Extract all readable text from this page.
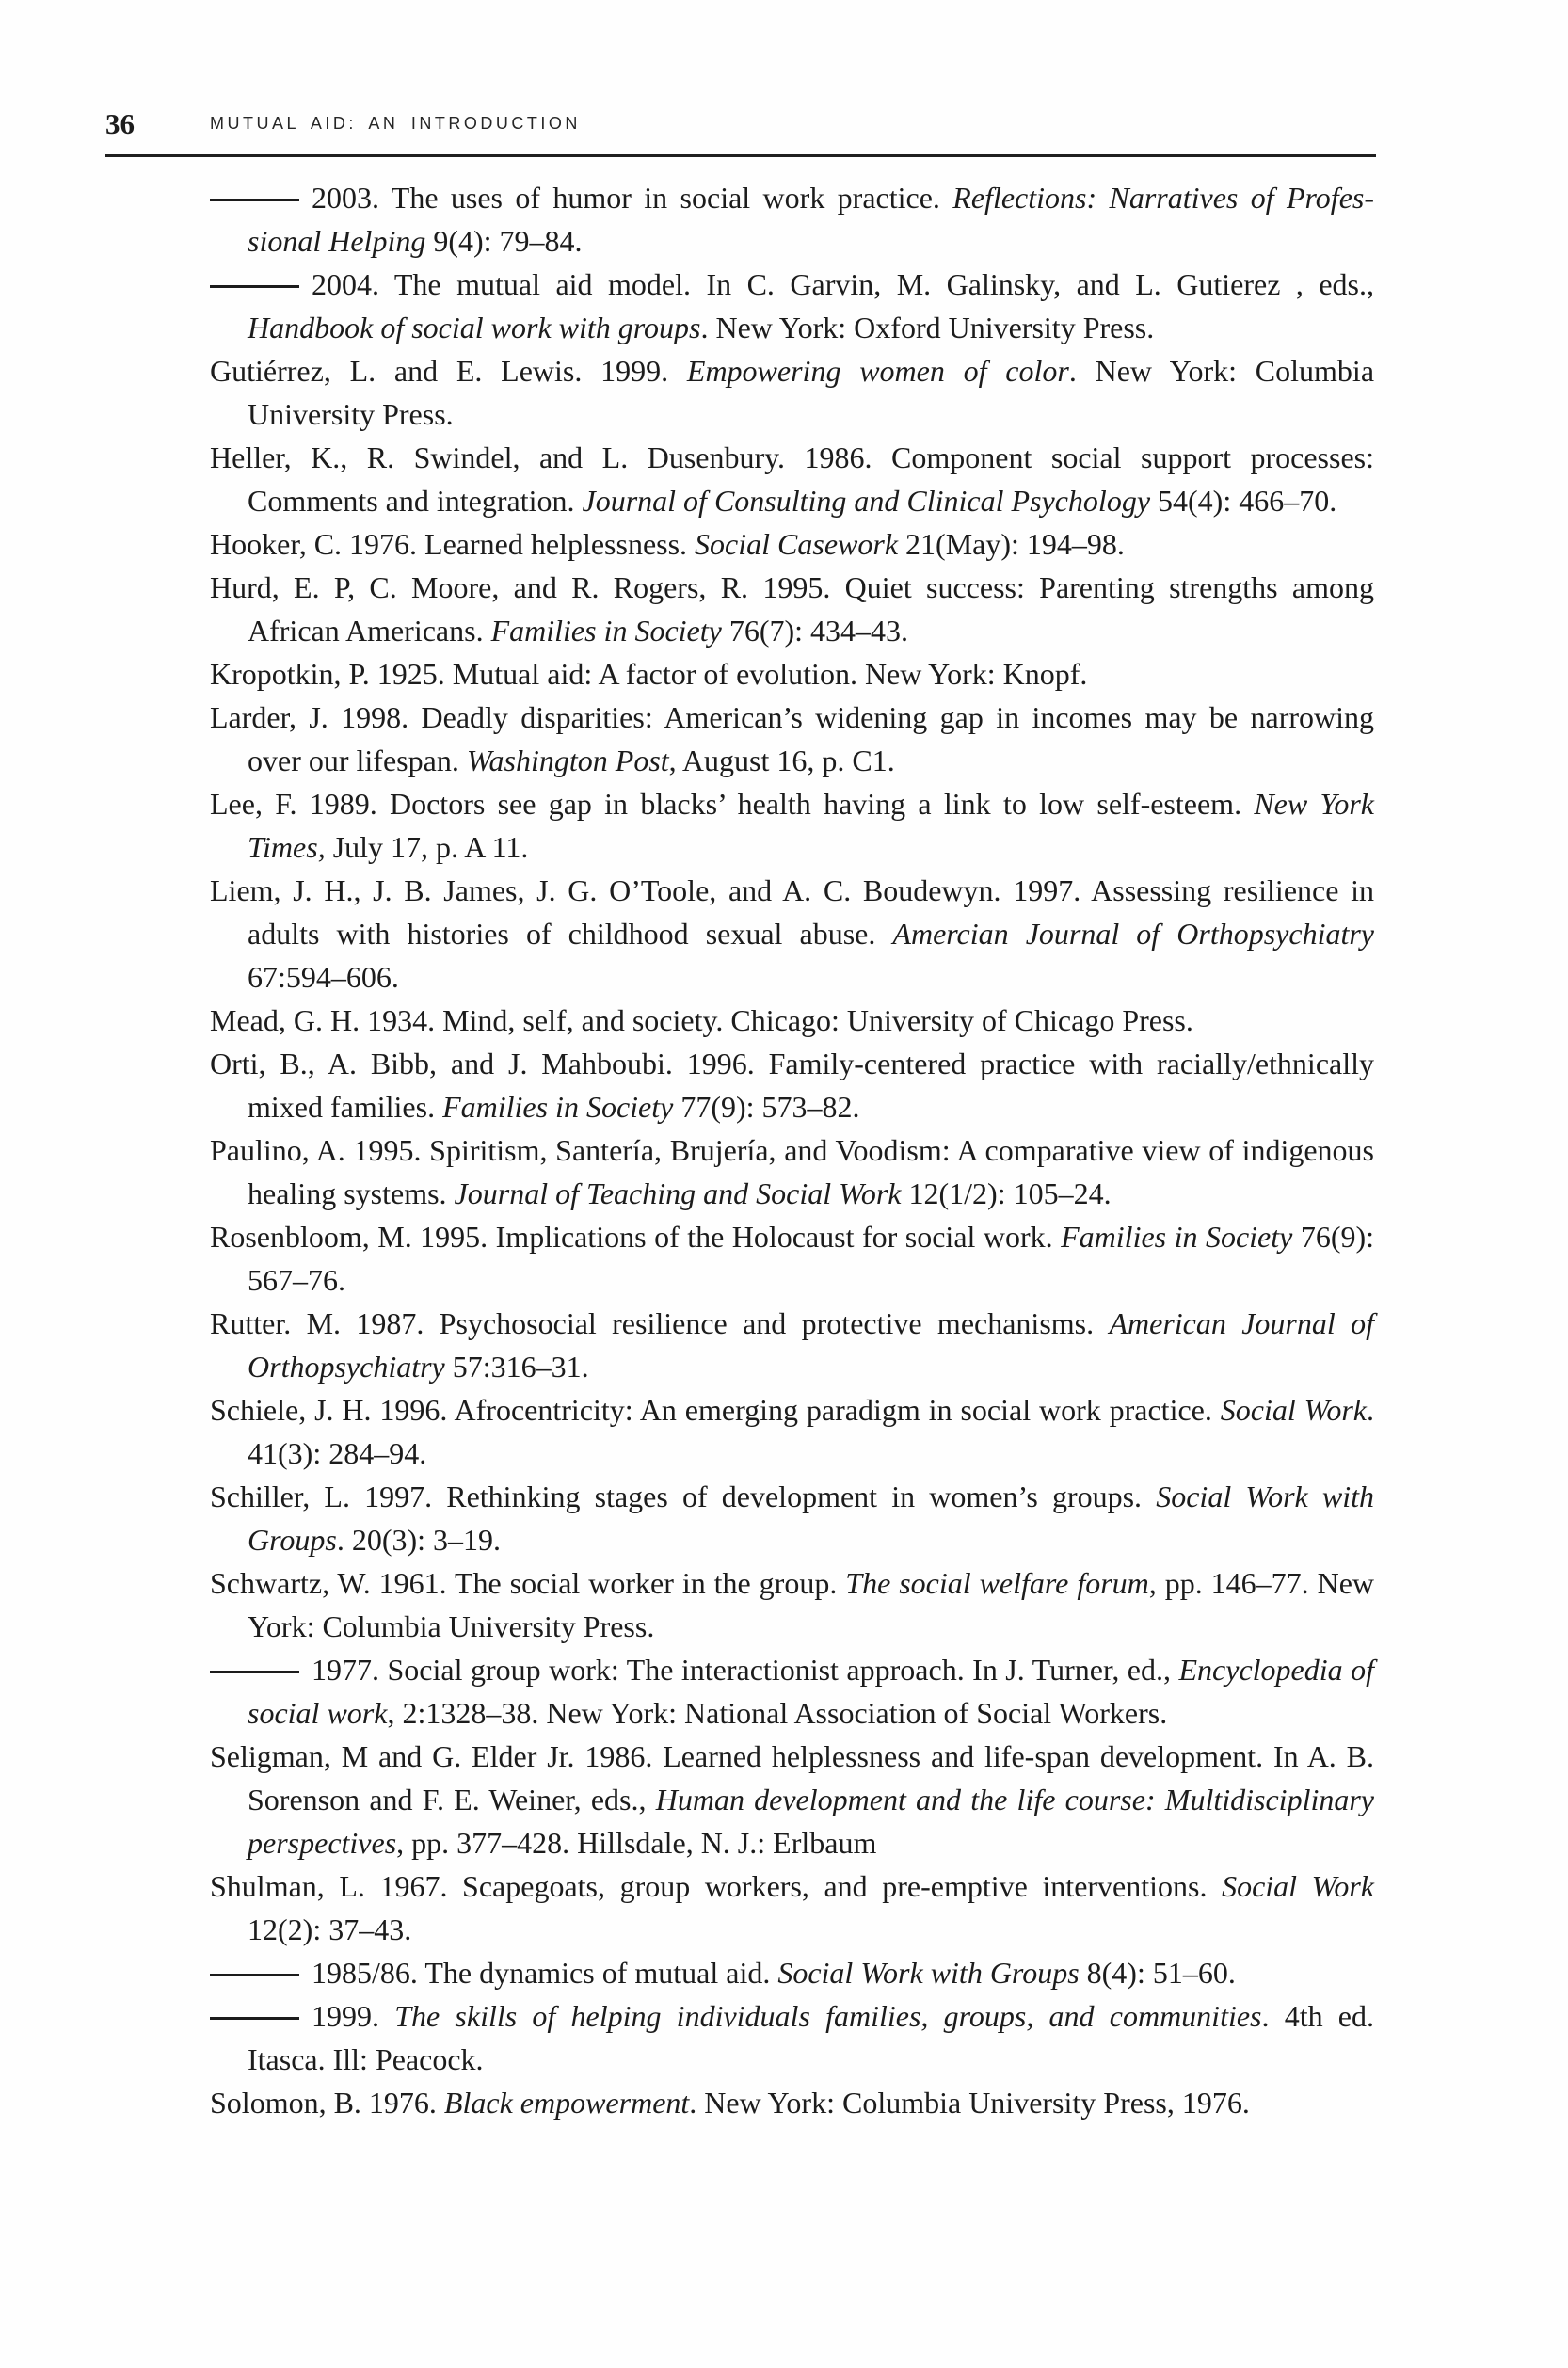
36	MUTUAL AID: AN INTRODUCTION

2003. The uses of humor in social work practice. Reflections: Narratives of Professional Helping 9(4): 79–84.

2004. The mutual aid model. In C. Garvin, M. Galinsky, and L. Gutierez , eds., Handbook of social work with groups. New York: Oxford University Press.

Gutiérrez, L. and E. Lewis. 1999. Empowering women of color. New York: Columbia University Press.

Heller, K., R. Swindel, and L. Dusenbury. 1986. Component social support processes: Comments and integration. Journal of Consulting and Clinical Psychology 54(4): 466–70.

Hooker, C. 1976. Learned helplessness. Social Casework 21(May): 194–98.

Hurd, E. P, C. Moore, and R. Rogers, R. 1995. Quiet success: Parenting strengths among African Americans. Families in Society 76(7): 434–43.

Kropotkin, P. 1925. Mutual aid: A factor of evolution. New York: Knopf.

Larder, J. 1998. Deadly disparities: American’s widening gap in incomes may be narrowing over our lifespan. Washington Post, August 16, p. C1.

Lee, F. 1989. Doctors see gap in blacks’ health having a link to low self-esteem. New York Times, July 17, p. A 11.

Liem, J. H., J. B. James, J. G. O’Toole, and A. C. Boudewyn. 1997. Assessing resilience in adults with histories of childhood sexual abuse. Amercian Journal of Orthopsychiatry 67:594–606.

Mead, G. H. 1934. Mind, self, and society. Chicago: University of Chicago Press.

Orti, B., A. Bibb, and J. Mahboubi. 1996. Family-centered practice with racially/ethnically mixed families. Families in Society 77(9): 573–82.

Paulino, A. 1995. Spiritism, Santería, Brujería, and Voodism: A comparative view of indigenous healing systems. Journal of Teaching and Social Work 12(1/2): 105–24.

Rosenbloom, M. 1995. Implications of the Holocaust for social work. Families in Society 76(9): 567–76.

Rutter. M. 1987. Psychosocial resilience and protective mechanisms. American Journal of Orthopsychiatry 57:316–31.

Schiele, J. H. 1996. Afrocentricity: An emerging paradigm in social work practice. Social Work. 41(3): 284–94.

Schiller, L. 1997. Rethinking stages of development in women’s groups. Social Work with Groups. 20(3): 3–19.

Schwartz, W. 1961. The social worker in the group. The social welfare forum, pp. 146–77. New York: Columbia University Press.

1977. Social group work: The interactionist approach. In J. Turner, ed., Encyclopedia of social work, 2:1328–38. New York: National Association of Social Workers.

Seligman, M and G. Elder Jr. 1986. Learned helplessness and life-span development. In A. B. Sorenson and F. E. Weiner, eds., Human development and the life course: Multidisciplinary perspectives, pp. 377–428. Hillsdale, N. J.: Erlbaum

Shulman, L. 1967. Scapegoats, group workers, and pre-emptive interventions. Social Work 12(2): 37–43.

1985/86. The dynamics of mutual aid. Social Work with Groups 8(4): 51–60.

1999. The skills of helping individuals families, groups, and communities. 4th ed. Itasca. Ill: Peacock.

Solomon, B. 1976. Black empowerment. New York: Columbia University Press, 1976.
